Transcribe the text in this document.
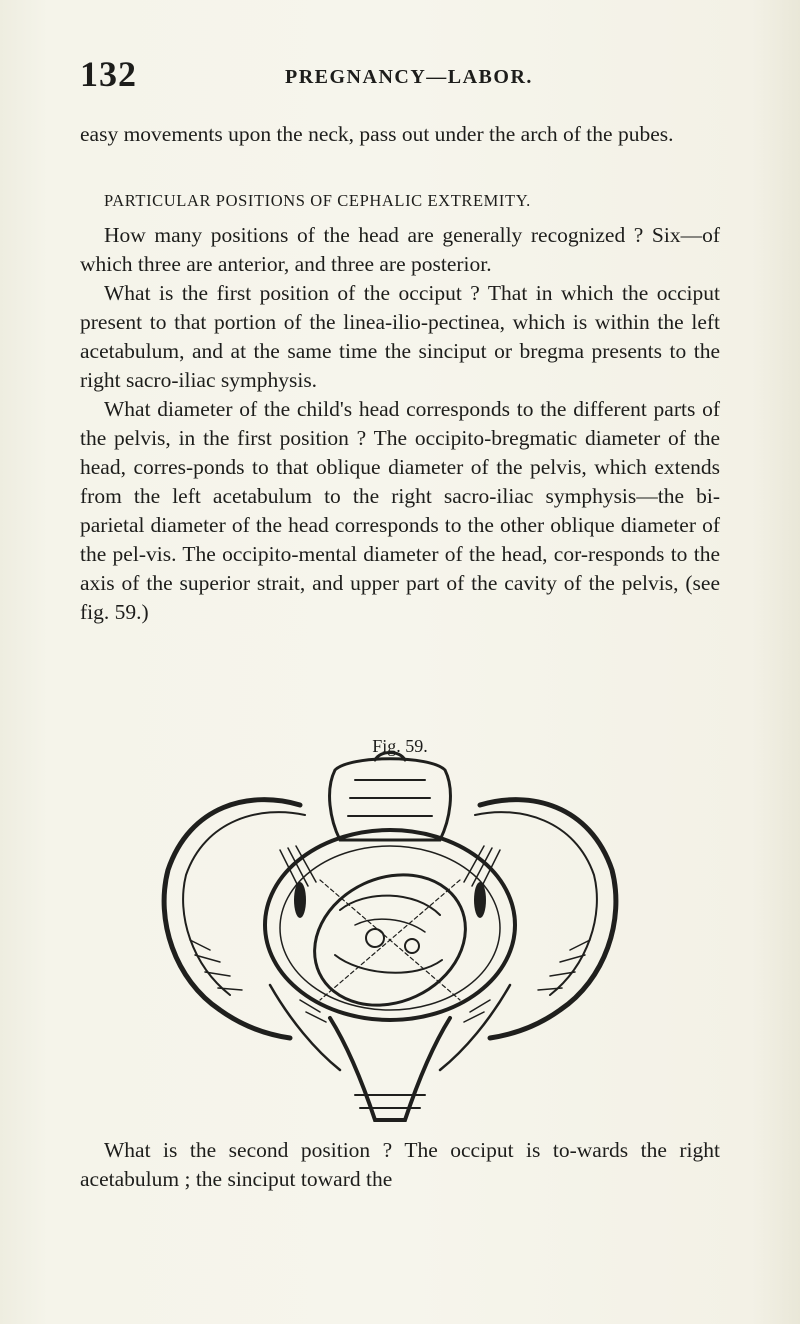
132	PREGNANCY—LABOR.

easy movements upon the neck, pass out under the arch of the pubes.

PARTICULAR POSITIONS OF CEPHALIC EXTREMITY.

How many positions of the head are generally recognized ? Six—of which three are anterior, and three are posterior.

What is the first position of the occiput ? That in which the occiput present to that portion of the linea-ilio-pectinea, which is within the left acetabulum, and at the same time the sinciput or bregma presents to the right sacro-iliac symphysis.

What diameter of the child's head corresponds to the different parts of the pelvis, in the first position ? The occipito-bregmatic diameter of the head, corres-ponds to that oblique diameter of the pelvis, which extends from the left acetabulum to the right sacro-iliac symphysis—the bi-parietal diameter of the head corresponds to the other oblique diameter of the pel-vis. The occipito-mental diameter of the head, cor-responds to the axis of the superior strait, and upper part of the cavity of the pelvis, (see fig. 59.)

Fig. 59.

What is the second position ? The occiput is to-wards the right acetabulum ; the sinciput toward the
